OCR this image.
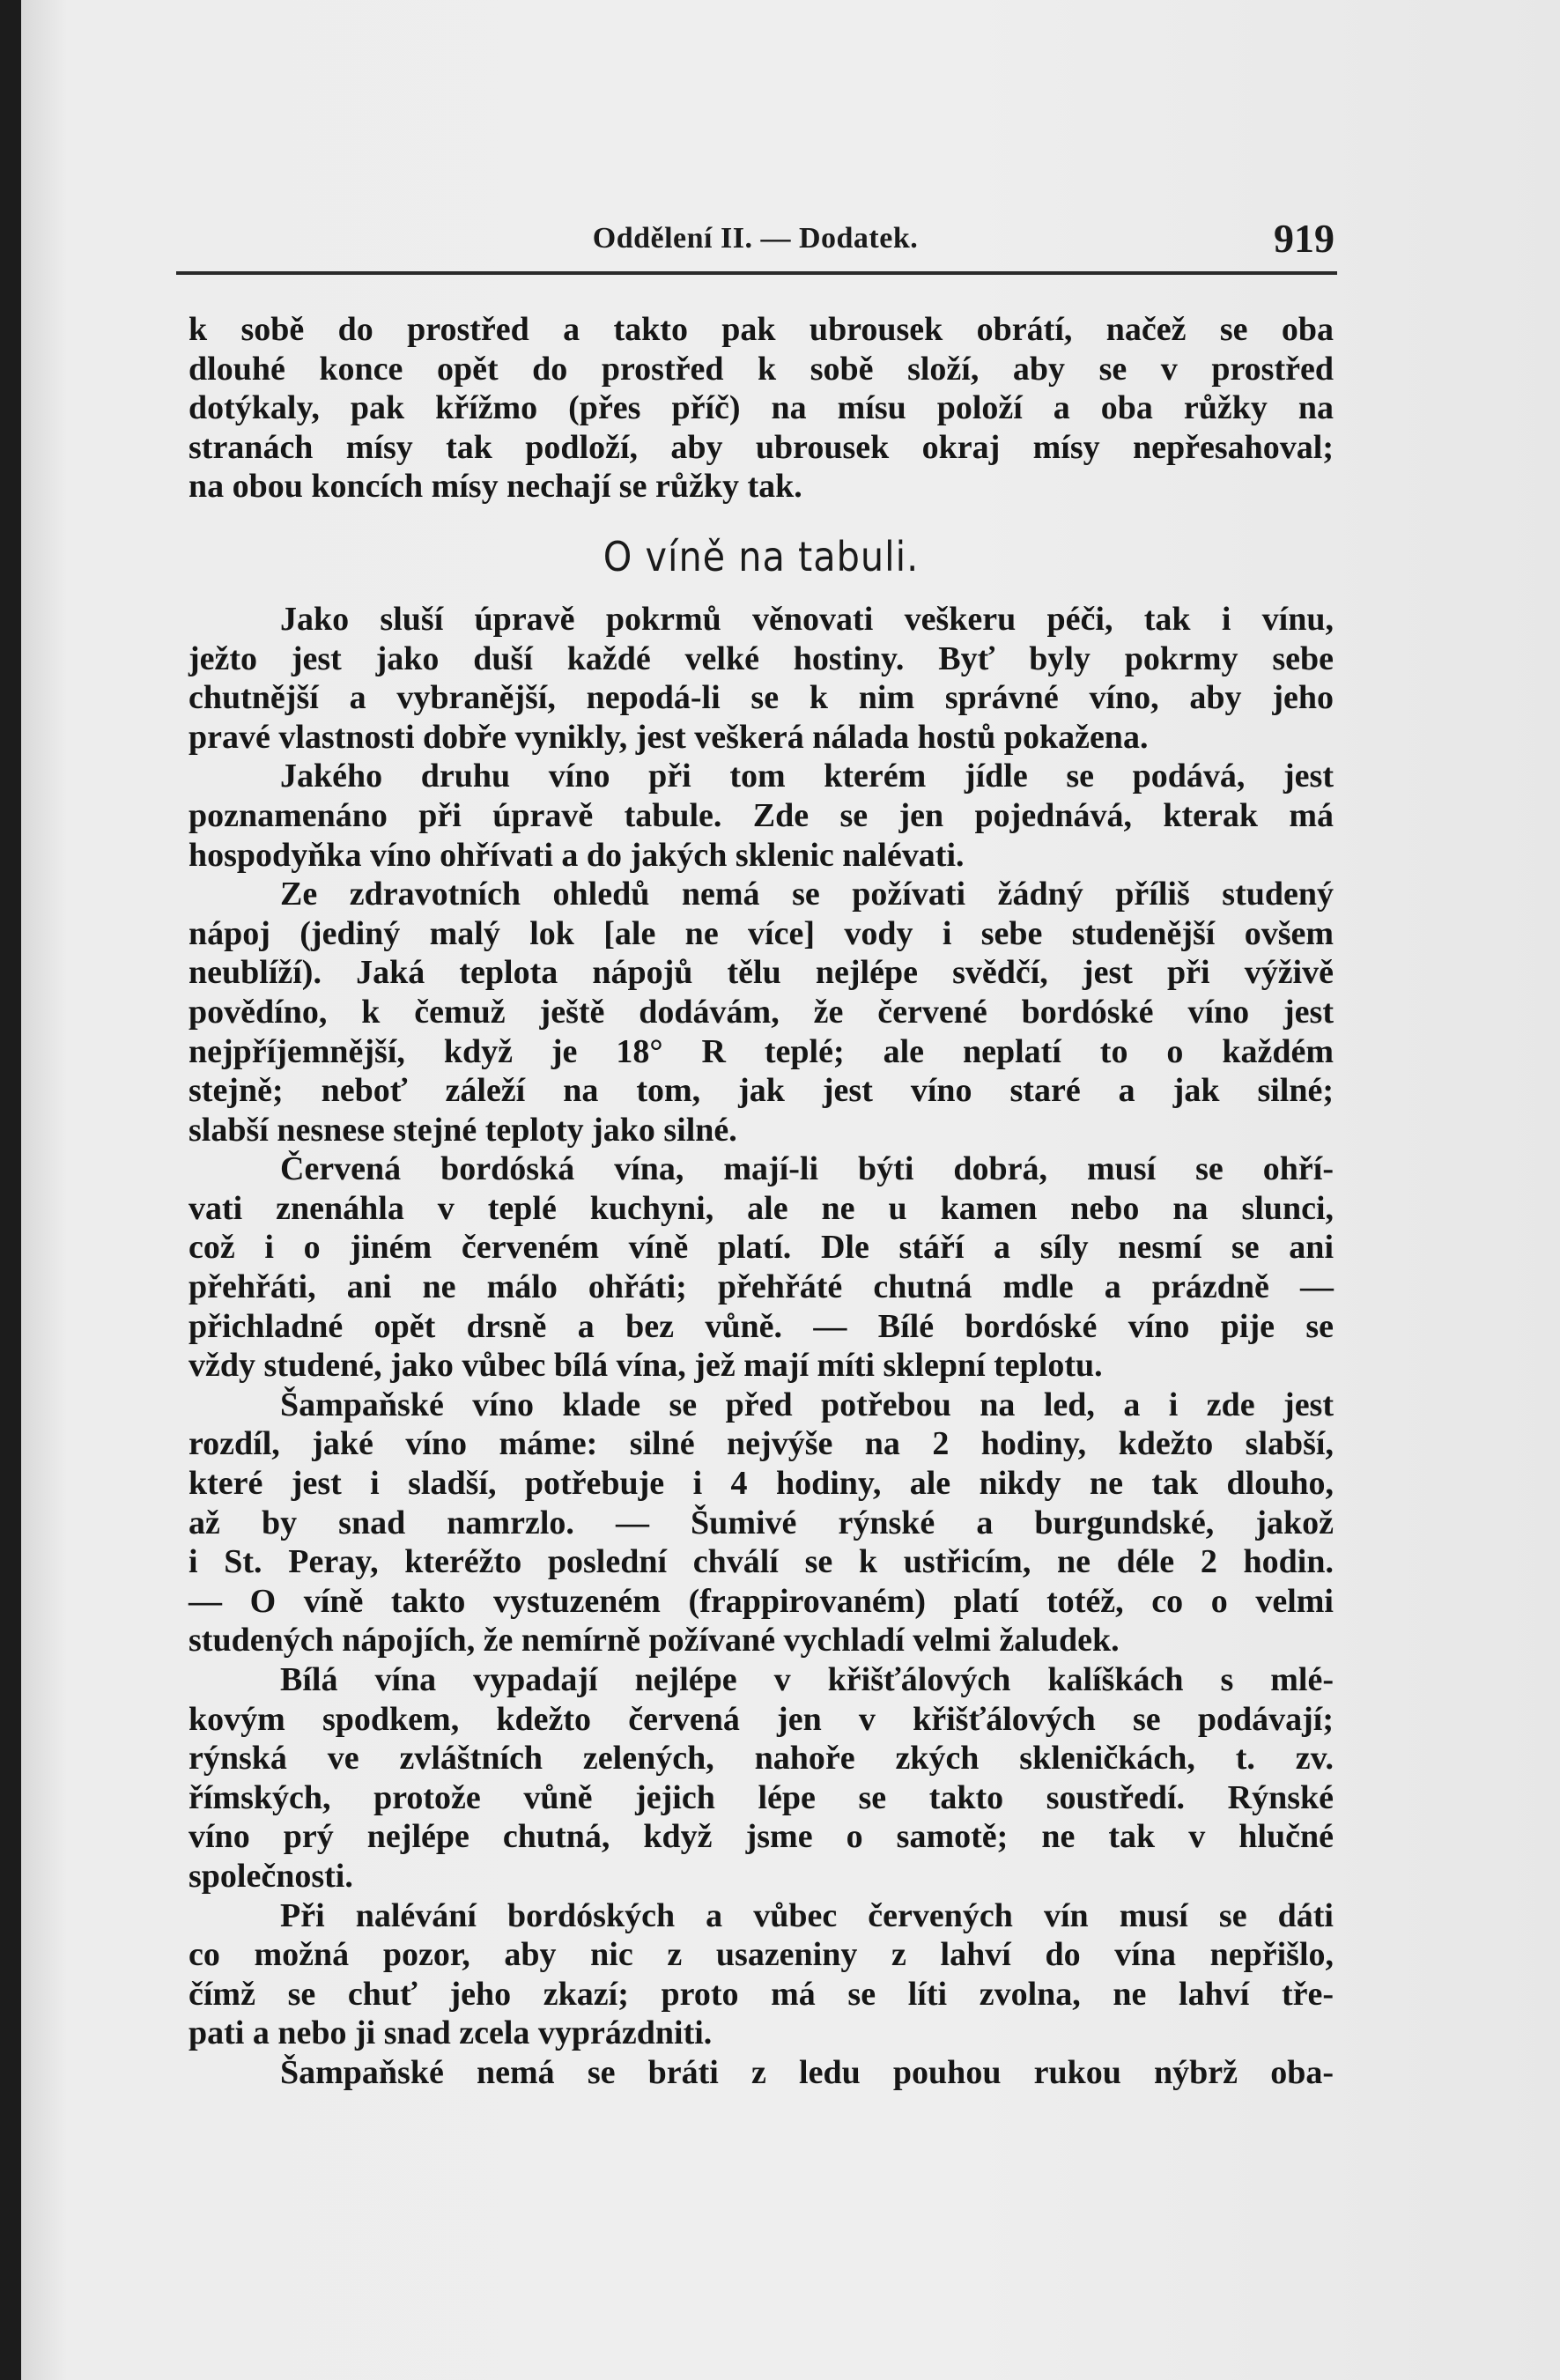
Oddělení II. — Dodatek.	919
k sobě do prostřed a takto pak ubrousek obrátí, načež se oba
dlouhé konce opět do prostřed k sobě složí, aby se v prostřed
dotýkaly, pak křížmo (přes příč) na mísu položí a oba růžky na
stranách mísy tak podloží, aby ubrousek okraj mísy nepřesahoval;
na obou koncích mísy nechají se růžky tak.
O víně na tabuli.
Jako sluší úpravě pokrmů věnovati veškeru péči, tak i vínu,
ježto jest jako duší každé velké hostiny. Byť byly pokrmy sebe
chutnější a vybranější, nepodá-li se k nim správné víno, aby jeho
pravé vlastnosti dobře vynikly, jest veškerá nálada hostů pokažena.
Jakého druhu víno při tom kterém jídle se podává, jest
poznamenáno při úpravě tabule. Zde se jen pojednává, kterak má
hospodyňka víno ohřívati a do jakých sklenic nalévati.
Ze zdravotních ohledů nemá se požívati žádný příliš studený
nápoj (jediný malý lok [ale ne více] vody i sebe studenější ovšem
neublíží). Jaká teplota nápojů tělu nejlépe svědčí, jest při výživě
povědíno, k čemuž ještě dodávám, že červené bordóské víno jest
nejpříjemnější, když je 18° R teplé; ale neplatí to o každém
stejně; neboť záleží na tom, jak jest víno staré a jak silné;
slabší nesnese stejné teploty jako silné.
Červená bordóská vína, mají-li býti dobrá, musí se ohří-
vati znenáhla v teplé kuchyni, ale ne u kamen nebo na slunci,
což i o jiném červeném víně platí. Dle stáří a síly nesmí se ani
přehřáti, ani ne málo ohřáti; přehřáté chutná mdle a prázdně —
přichladné opět drsně a bez vůně. — Bílé bordóské víno pije se
vždy studené, jako vůbec bílá vína, jež mají míti sklepní teplotu.
Šampaňské víno klade se před potřebou na led, a i zde jest
rozdíl, jaké víno máme: silné nejvýše na 2 hodiny, kdežto slabší,
které jest i sladší, potřebuje i 4 hodiny, ale nikdy ne tak dlouho,
až by snad namrzlo. — Šumivé rýnské a burgundské, jakož
i St. Peray, kteréžto poslední chválí se k ustřicím, ne déle 2 hodin.
— O víně takto vystuzeném (frappirovaném) platí totéž, co o velmi
studených nápojích, že nemírně požívané vychladí velmi žaludek.
Bílá vína vypadají nejlépe v křišťálových kalíškách s mlé-
kovým spodkem, kdežto červená jen v křišťálových se podávají;
rýnská ve zvláštních zelených, nahoře zkých skleničkách, t. zv.
římských, protože vůně jejich lépe se takto soustředí. Rýnské
víno prý nejlépe chutná, když jsme o samotě; ne tak v hlučné
společnosti.
Při nalévání bordóských a vůbec červených vín musí se dáti
co možná pozor, aby nic z usazeniny z lahví do vína nepřišlo,
čímž se chuť jeho zkazí; proto má se líti zvolna, ne lahví tře-
pati a nebo ji snad zcela vyprázdniti.
Šampaňské nemá se bráti z ledu pouhou rukou nýbrž oba-
